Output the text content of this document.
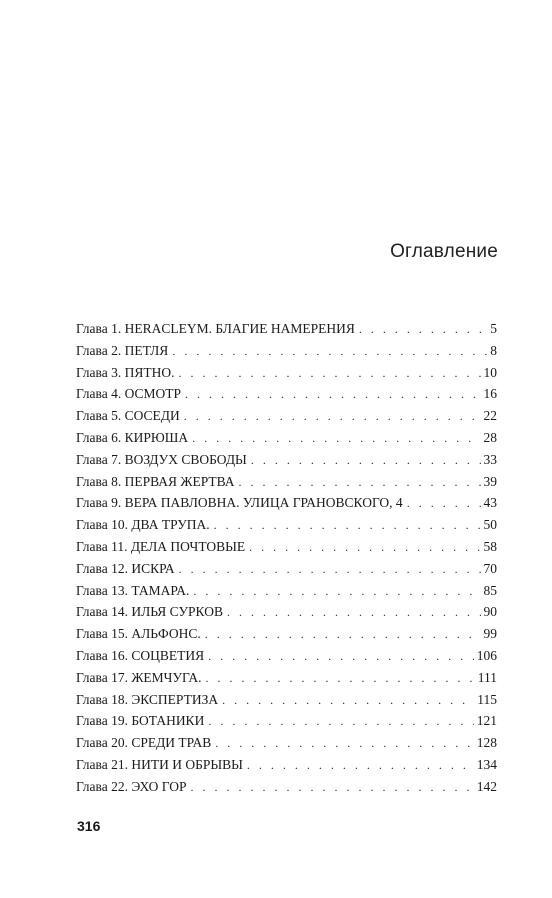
Оглавление
Глава 1. HERACLEYM. БЛАГИЕ НАМЕРЕНИЯ . . .	5
Глава 2. ПЕТЛЯ . . .	8
Глава 3. ПЯТНО. . . .	10
Глава 4. ОСМОТР . . .	16
Глава 5. СОСЕДИ . . .	22
Глава 6. КИРЮША . . .	28
Глава 7. ВОЗДУХ СВОБОДЫ . . .	33
Глава 8. ПЕРВАЯ ЖЕРТВА . . .	39
Глава 9. ВЕРА ПАВЛОВНА. УЛИЦА ГРАНОВСКОГО, 4 . . .	43
Глава 10. ДВА ТРУПА. . . .	50
Глава 11. ДЕЛА ПОЧТОВЫЕ . . .	58
Глава 12. ИСКРА . . .	70
Глава 13. ТАМАРА. . . .	85
Глава 14. ИЛЬЯ СУРКОВ . . .	90
Глава 15. АЛЬФОНС. . . .	99
Глава 16. СОЦВЕТИЯ . . .	106
Глава 17. ЖЕМЧУГА. . . .	111
Глава 18. ЭКСПЕРТИЗА . . .	115
Глава 19. БОТАНИКИ . . .	121
Глава 20. СРЕДИ ТРАВ . . .	128
Глава 21. НИТИ И ОБРЫВЫ . . .	134
Глава 22. ЭХО ГОР . . .	142
316
